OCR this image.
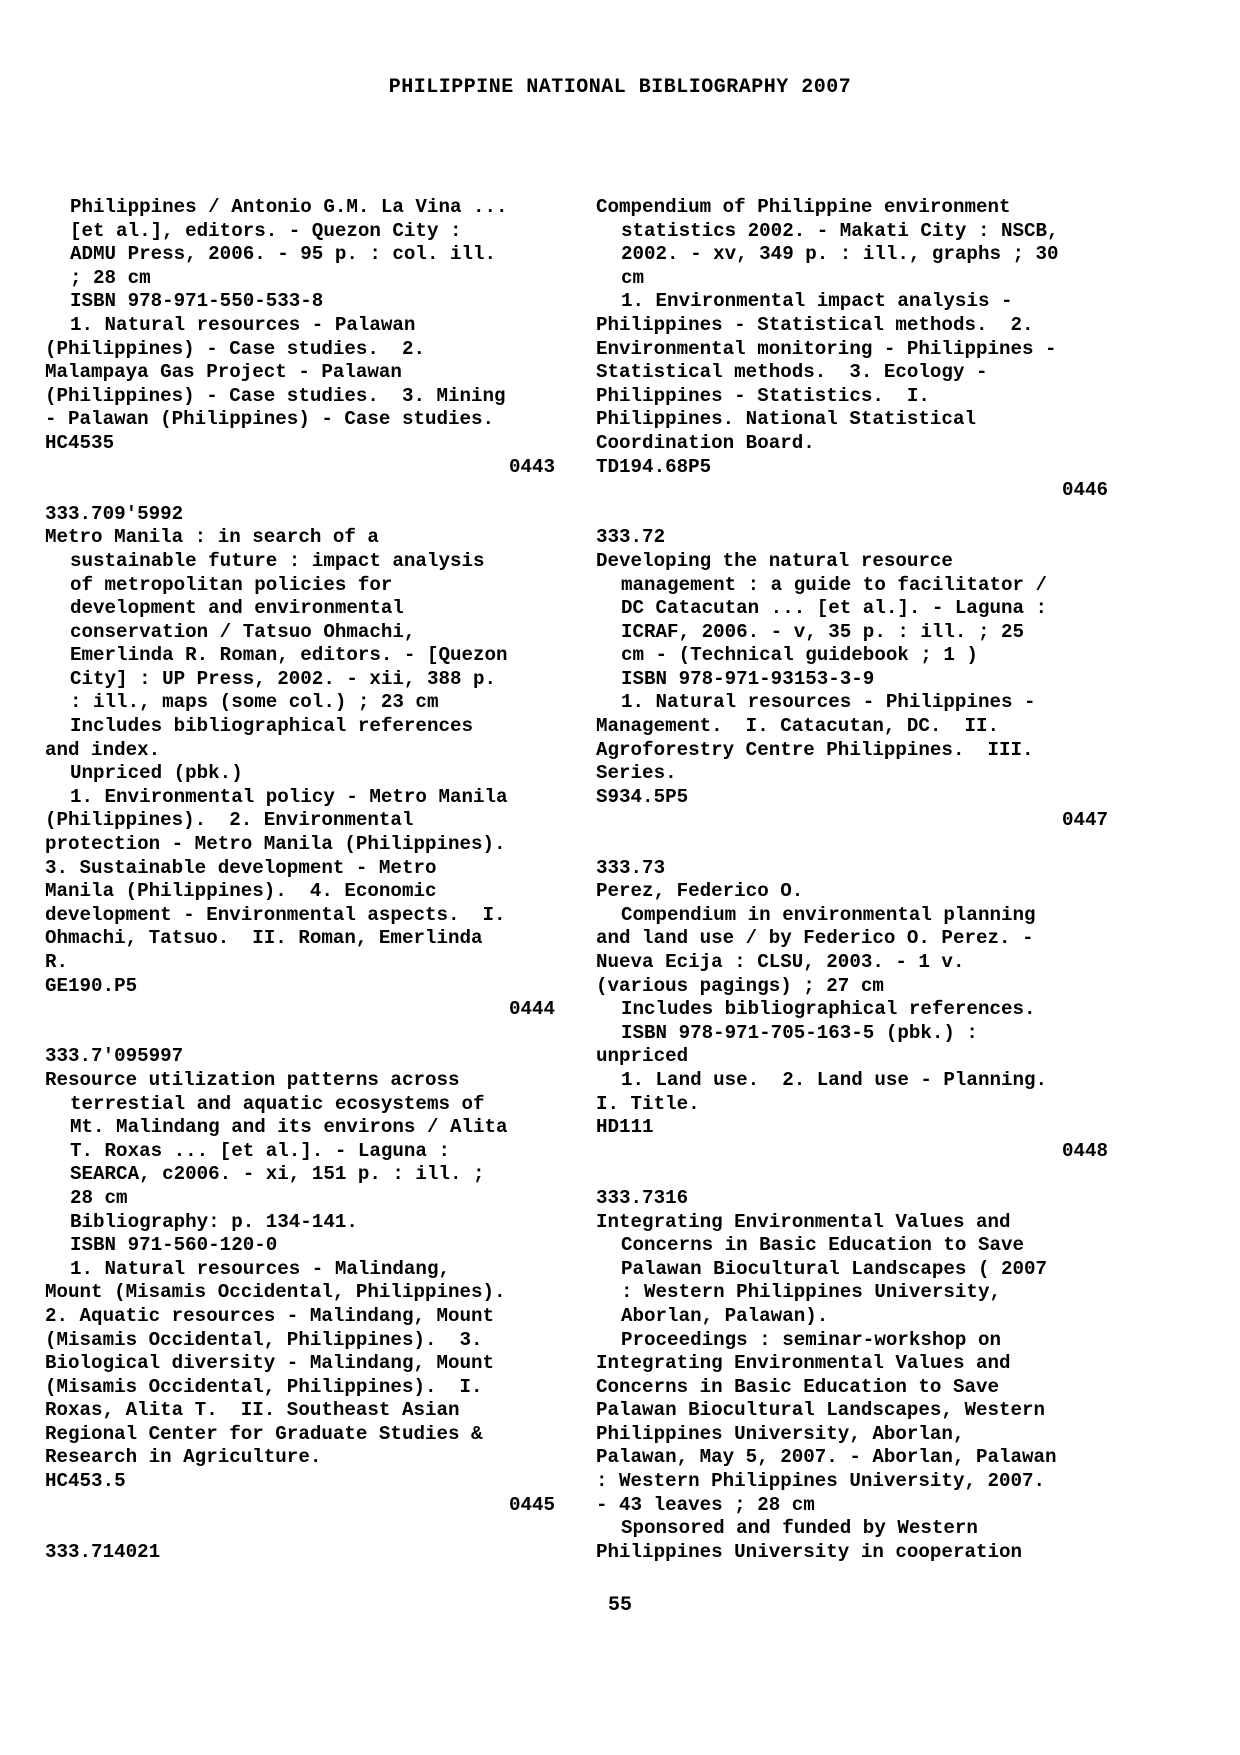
PHILIPPINE NATIONAL BIBLIOGRAPHY 2007
Philippines / Antonio G.M. La Vina ...
[et al.], editors. - Quezon City :
ADMU Press, 2006. - 95 p. : col. ill.
; 28 cm
ISBN 978-971-550-533-8
1. Natural resources - Palawan
(Philippines) - Case studies.  2.
Malampaya Gas Project - Palawan
(Philippines) - Case studies.  3. Mining
- Palawan (Philippines) - Case studies.
HC4535
0443
333.709'5992
Metro Manila : in search of a
sustainable future : impact analysis
of metropolitan policies for
development and environmental
conservation / Tatsuo Ohmachi,
Emerlinda R. Roman, editors. - [Quezon
City] : UP Press, 2002. - xii, 388 p.
: ill., maps (some col.) ; 23 cm
Includes bibliographical references
and index.
Unpriced (pbk.)
1. Environmental policy - Metro Manila
(Philippines).  2. Environmental
protection - Metro Manila (Philippines).
3. Sustainable development - Metro
Manila (Philippines).  4. Economic
development - Environmental aspects.  I.
Ohmachi, Tatsuo.  II. Roman, Emerlinda
R.
GE190.P5
0444
333.7'095997
Resource utilization patterns across
terrestial and aquatic ecosystems of
Mt. Malindang and its environs / Alita
T. Roxas ... [et al.]. - Laguna :
SEARCA, c2006. - xi, 151 p. : ill. ;
28 cm
Bibliography: p. 134-141.
ISBN 971-560-120-0
1. Natural resources - Malindang,
Mount (Misamis Occidental, Philippines).
2. Aquatic resources - Malindang, Mount
(Misamis Occidental, Philippines).  3.
Biological diversity - Malindang, Mount
(Misamis Occidental, Philippines).  I.
Roxas, Alita T.  II. Southeast Asian
Regional Center for Graduate Studies &
Research in Agriculture.
HC453.5
0445
333.714021
Compendium of Philippine environment
statistics 2002. - Makati City : NSCB,
2002. - xv, 349 p. : ill., graphs ; 30
cm
1. Environmental impact analysis -
Philippines - Statistical methods.  2.
Environmental monitoring - Philippines -
Statistical methods.  3. Ecology -
Philippines - Statistics.  I.
Philippines. National Statistical
Coordination Board.
TD194.68P5
0446
333.72
Developing the natural resource
management : a guide to facilitator /
DC Catacutan ... [et al.]. - Laguna :
ICRAF, 2006. - v, 35 p. : ill. ; 25
cm - (Technical guidebook ; 1 )
ISBN 978-971-93153-3-9
1. Natural resources - Philippines -
Management.  I. Catacutan, DC.  II.
Agroforestry Centre Philippines.  III.
Series.
S934.5P5
0447
333.73
Perez, Federico O.
Compendium in environmental planning
and land use / by Federico O. Perez. -
Nueva Ecija : CLSU, 2003. - 1 v.
(various pagings) ; 27 cm
Includes bibliographical references.
ISBN 978-971-705-163-5 (pbk.) :
unpriced
1. Land use.  2. Land use - Planning.
I. Title.
HD111
0448
333.7316
Integrating Environmental Values and
Concerns in Basic Education to Save
Palawan Biocultural Landscapes ( 2007
: Western Philippines University,
Aborlan, Palawan).
Proceedings : seminar-workshop on
Integrating Environmental Values and
Concerns in Basic Education to Save
Palawan Biocultural Landscapes, Western
Philippines University, Aborlan,
Palawan, May 5, 2007. - Aborlan, Palawan
: Western Philippines University, 2007.
- 43 leaves ; 28 cm
Sponsored and funded by Western
Philippines University in cooperation
55
